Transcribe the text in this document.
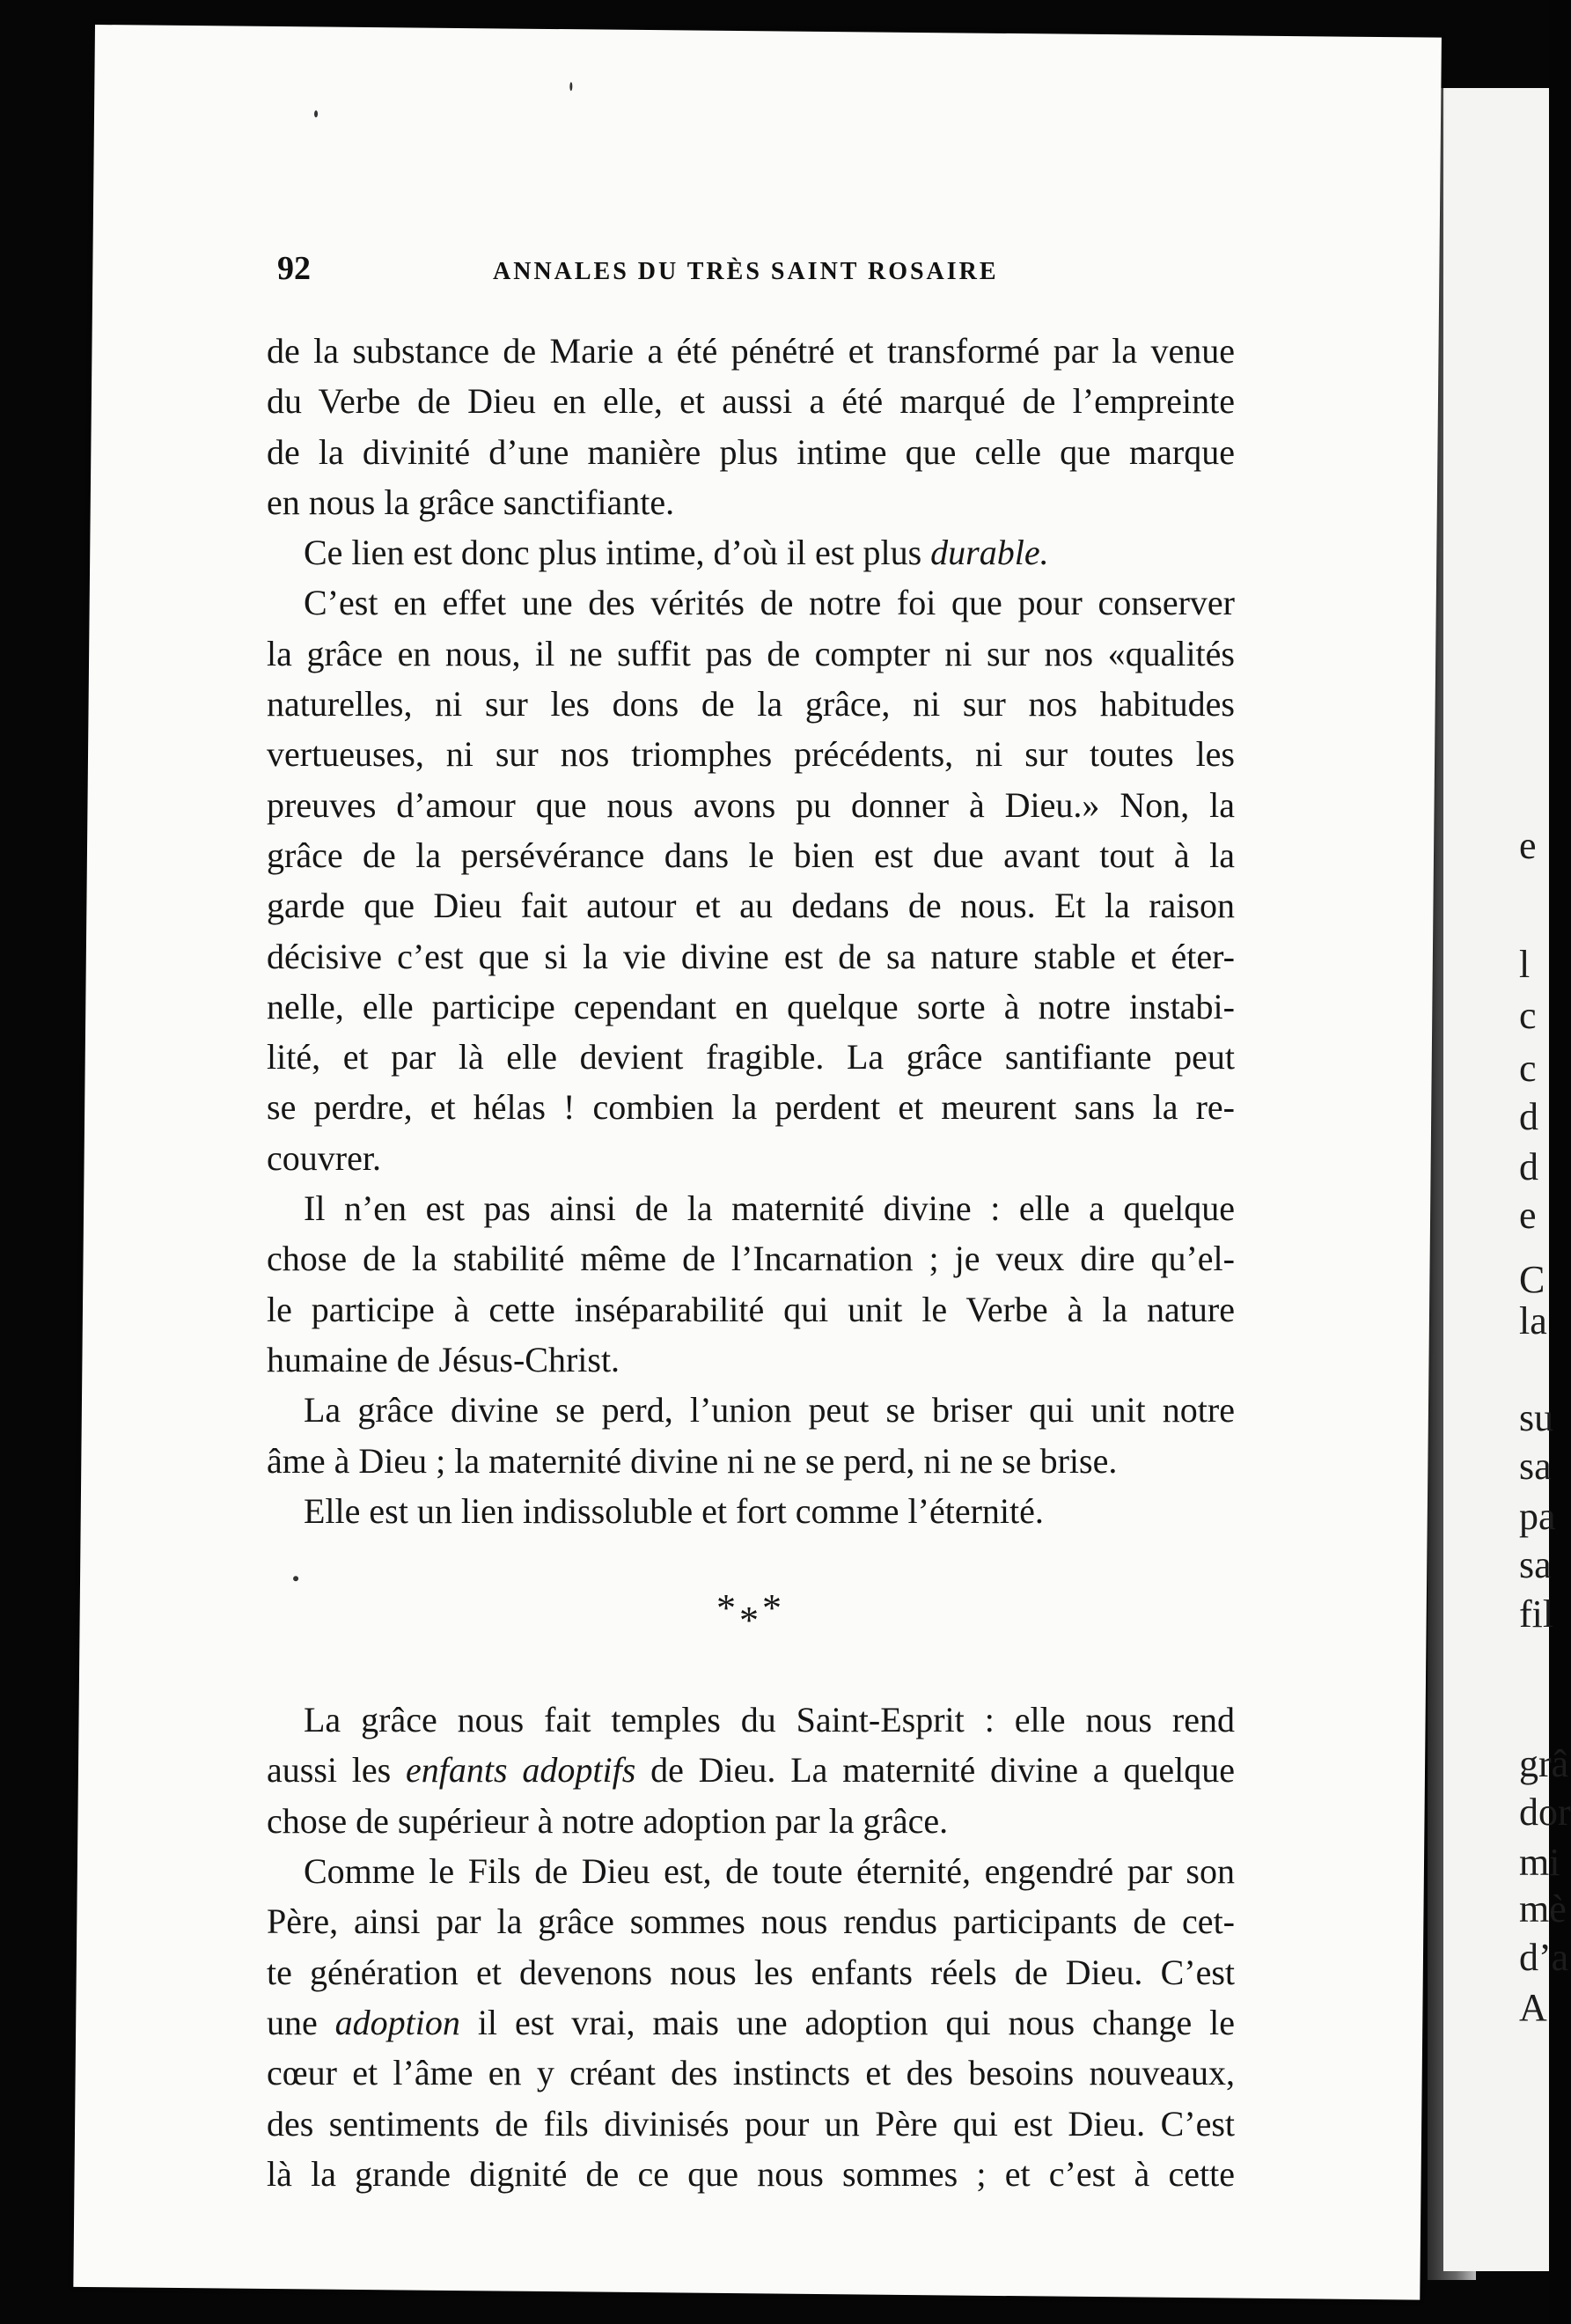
e
l
c
c
d
d
e
C
la
su
sa
pa
sa
fil
grâ
dor
mi
mè
d’a
A
92	ANNALES DU TRÈS SAINT ROSAIRE

de la substance de Marie a été pénétré et transformé par la venue
du Verbe de Dieu en elle, et aussi a été marqué de l’empreinte
de la divinité d’une manière plus intime que celle que marque
en nous la grâce sanctifiante.

Ce lien est donc plus intime, d’où il est plus durable.

C’est en effet une des vérités de notre foi que pour conserver
la grâce en nous, il ne suffit pas de compter ni sur nos «qualités
naturelles, ni sur les dons de la grâce, ni sur nos habitudes
vertueuses, ni sur nos triomphes précédents, ni sur toutes les
preuves d’amour que nous avons pu donner à Dieu.» Non, la
grâce de la persévérance dans le bien est due avant tout à la
garde que Dieu fait autour et au dedans de nous. Et la raison
décisive c’est que si la vie divine est de sa nature stable et éter-
nelle, elle participe cependant en quelque sorte à notre instabi-
lité, et par là elle devient fragible. La grâce santifiante peut
se perdre, et hélas ! combien la perdent et meurent sans la re-
couvrer.

Il n’en est pas ainsi de la maternité divine : elle a quelque
chose de la stabilité même de l’Incarnation ; je veux dire qu’el-
le participe à cette inséparabilité qui unit le Verbe à la nature
humaine de Jésus-Christ.

La grâce divine se perd, l’union peut se briser qui unit notre
âme à Dieu ; la maternité divine ni ne se perd, ni ne se brise.

Elle est un lien indissoluble et fort comme l’éternité.

***

La grâce nous fait temples du Saint-Esprit : elle nous rend
aussi les enfants adoptifs de Dieu. La maternité divine a quelque
chose de supérieur à notre adoption par la grâce.

Comme le Fils de Dieu est, de toute éternité, engendré par son
Père, ainsi par la grâce sommes nous rendus participants de cet-
te génération et devenons nous les enfants réels de Dieu. C’est
une adoption il est vrai, mais une adoption qui nous change le
cœur et l’âme en y créant des instincts et des besoins nouveaux,
des sentiments de fils divinisés pour un Père qui est Dieu. C’est
là la grande dignité de ce que nous sommes ; et c’est à cette
